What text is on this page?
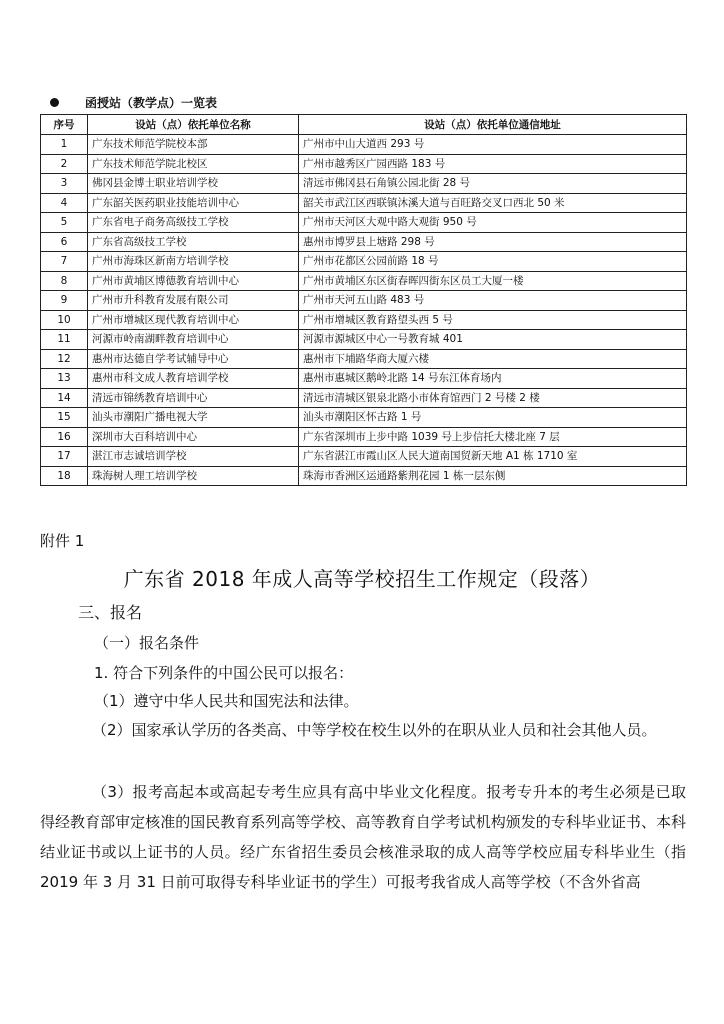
函授站（教学点）一览表
序号	设站（点）依托单位名称	设站（点）依托单位通信地址
1	广东技术师范学院校本部	广州市中山大道西 293 号
2	广东技术师范学院北校区	广州市越秀区广园西路 183 号
3	佛冈县金博士职业培训学校	清远市佛冈县石角镇公园北街 28 号
4	广东韶关医药职业技能培训中心	韶关市武江区西联镇沐溪大道与百旺路交叉口西北 50 米
5	广东省电子商务高级技工学校	广州市天河区大观中路大观街 950 号
6	广东省高级技工学校	惠州市博罗县上塘路 298 号
7	广州市海珠区新南方培训学校	广州市花都区公园前路 18 号
8	广州市黄埔区博德教育培训中心	广州市黄埔区东区街春晖四街东区员工大厦一楼
9	广州市升科教育发展有限公司	广州市天河五山路 483 号
10	广州市增城区现代教育培训中心	广州市增城区教育路望头西 5 号
11	河源市岭南湖畔教育培训中心	河源市源城区中心一号教育城 401
12	惠州市达德自学考试辅导中心	惠州市下埔路华商大厦六楼
13	惠州市科文成人教育培训学校	惠州市惠城区鹅岭北路 14 号东江体育场内
14	清远市锦绣教育培训中心	清远市清城区银泉北路小市体育馆西门 2 号楼 2 楼
15	汕头市潮阳广播电视大学	汕头市潮阳区怀古路 1 号
16	深圳市大百科培训中心	广东省深圳市上步中路 1039 号上步信托大楼北座 7 层
17	湛江市志诚培训学校	广东省湛江市霞山区人民大道南国贸新天地 A1 栋 1710 室
18	珠海树人理工培训学校	珠海市香洲区运通路紫荆花园 1 栋一层东侧
附件 1
广东省 2018 年成人高等学校招生工作规定（段落）
三、报名
（一）报名条件
1. 符合下列条件的中国公民可以报名：
（1）遵守中华人民共和国宪法和法律。
（2）国家承认学历的各类高、中等学校在校生以外的在职从业人员和社会其他人员。
（3）报考高起本或高起专考生应具有高中毕业文化程度。报考专升本的考生必须是已取得经教育部审定核准的国民教育系列高等学校、高等教育自学考试机构颁发的专科毕业证书、本科结业证书或以上证书的人员。经广东省招生委员会核准录取的成人高等学校应届专科毕业生（指 2019 年 3 月 31 日前可取得专科毕业证书的学生）可报考我省成人高等学校（不含外省高
